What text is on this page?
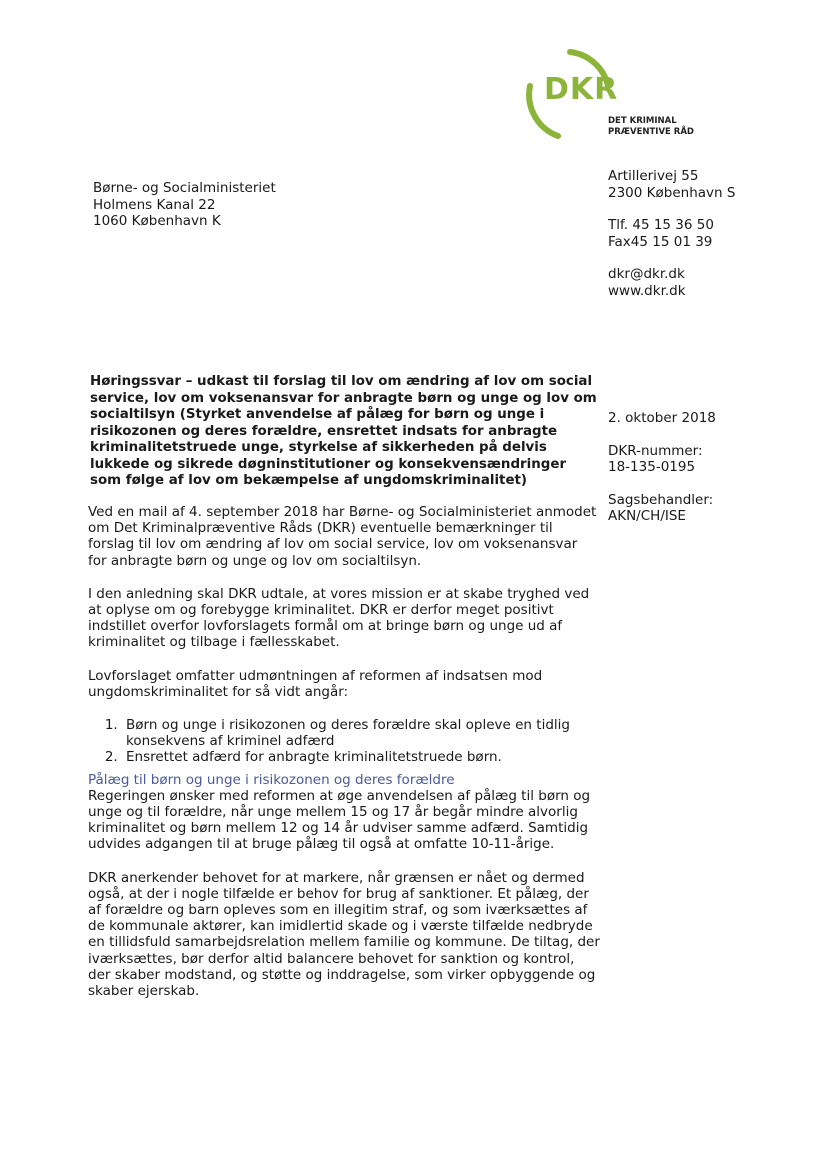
DKR
DET KRIMINAL
PRÆVENTIVE RÅD
Børne- og Socialministeriet
Holmens Kanal 22
1060 København K
Artillerivej 55
2300 København S
Tlf. 45 15 36 50
Fax45 15 01 39
dkr@dkr.dk
www.dkr.dk
Høringssvar – udkast til forslag til lov om ændring af lov om social service, lov om voksenansvar for anbragte børn og unge og lov om socialtilsyn (Styrket anvendelse af pålæg for børn og unge i risikozonen og deres forældre, ensrettet indsats for anbragte kriminalitetstruede unge, styrkelse af sikkerheden på delvis lukkede og sikrede døgninstitutioner og konsekvensændringer som følge af lov om bekæmpelse af ungdomskriminalitet)
2. oktober 2018
DKR-nummer:
18-135-0195
Sagsbehandler:
AKN/CH/ISE

Ved en mail af 4. september 2018 har Børne- og Socialministeriet anmodet om Det Kriminalpræventive Råds (DKR) eventuelle bemærkninger til forslag til lov om ændring af lov om social service, lov om voksenansvar for anbragte børn og unge og lov om socialtilsyn.

I den anledning skal DKR udtale, at vores mission er at skabe tryghed ved at oplyse om og forebygge kriminalitet. DKR er derfor meget positivt indstillet overfor lovforslagets formål om at bringe børn og unge ud af kriminalitet og tilbage i fællesskabet.

Lovforslaget omfatter udmøntningen af reformen af indsatsen mod ungdomskriminalitet for så vidt angår:

1. Børn og unge i risikozonen og deres forældre skal opleve en tidlig konsekvens af kriminel adfærd
2. Ensrettet adfærd for anbragte kriminalitetstruede børn.
Pålæg til børn og unge i risikozonen og deres forældre

Regeringen ønsker med reformen at øge anvendelsen af pålæg til børn og unge og til forældre, når unge mellem 15 og 17 år begår mindre alvorlig kriminalitet og børn mellem 12 og 14 år udviser samme adfærd. Samtidig udvides adgangen til at bruge pålæg til også at omfatte 10-11-årige.

DKR anerkender behovet for at markere, når grænsen er nået og dermed også, at der i nogle tilfælde er behov for brug af sanktioner. Et pålæg, der af forældre og barn opleves som en illegitim straf, og som iværksættes af de kommunale aktører, kan imidlertid skade og i værste tilfælde nedbryde en tillidsfuld samarbejdsrelation mellem familie og kommune. De tiltag, der iværksættes, bør derfor altid balancere behovet for sanktion og kontrol, der skaber modstand, og støtte og inddragelse, som virker opbyggende og skaber ejerskab.
